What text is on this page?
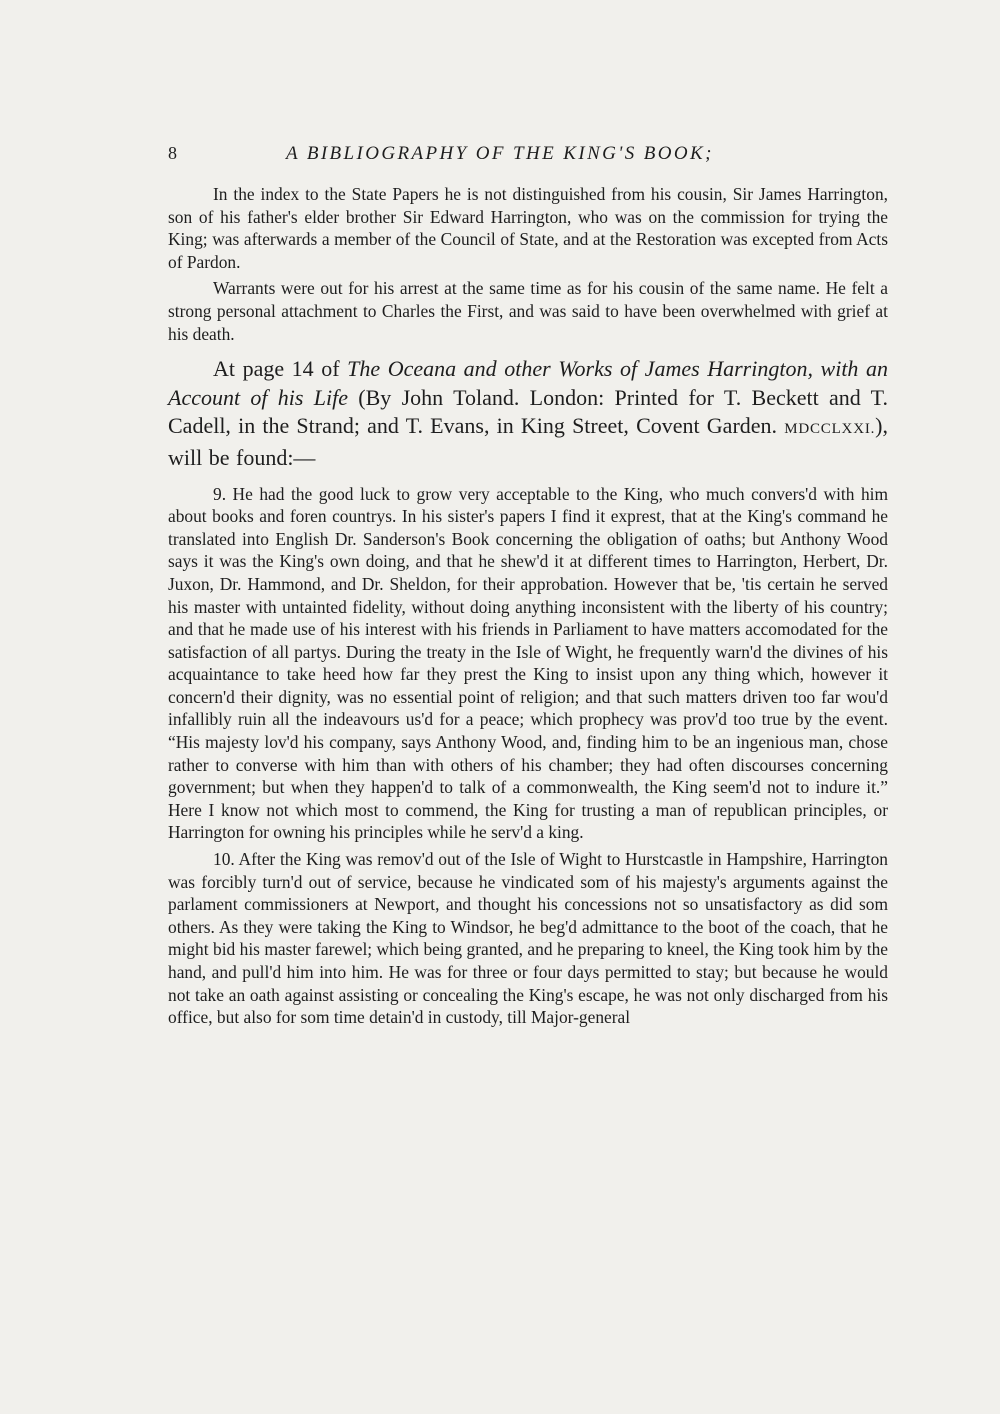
8	A BIBLIOGRAPHY OF THE KING'S BOOK;

In the index to the State Papers he is not distinguished from his cousin, Sir James Harrington, son of his father's elder brother Sir Edward Harrington, who was on the commission for trying the King; was afterwards a member of the Council of State, and at the Restoration was excepted from Acts of Pardon.

Warrants were out for his arrest at the same time as for his cousin of the same name. He felt a strong personal attachment to Charles the First, and was said to have been overwhelmed with grief at his death.

At page 14 of The Oceana and other Works of James Harrington, with an Account of his Life (By John Toland. London: Printed for T. Beckett and T. Cadell, in the Strand; and T. Evans, in King Street, Covent Garden. MDCCLXXI.), will be found:—

9. He had the good luck to grow very acceptable to the King, who much convers'd with him about books and foren countrys. In his sister's papers I find it exprest, that at the King's command he translated into English Dr. Sanderson's Book concerning the obligation of oaths; but Anthony Wood says it was the King's own doing, and that he shew'd it at different times to Harrington, Herbert, Dr. Juxon, Dr. Hammond, and Dr. Sheldon, for their approbation. However that be, 'tis certain he served his master with untainted fidelity, without doing anything inconsistent with the liberty of his country; and that he made use of his interest with his friends in Parliament to have matters accomodated for the satisfaction of all partys. During the treaty in the Isle of Wight, he frequently warn'd the divines of his acquaintance to take heed how far they prest the King to insist upon any thing which, however it concern'd their dignity, was no essential point of religion; and that such matters driven too far wou'd infallibly ruin all the indeavours us'd for a peace; which prophecy was prov'd too true by the event. “His majesty lov'd his company, says Anthony Wood, and, finding him to be an ingenious man, chose rather to converse with him than with others of his chamber; they had often discourses concerning government; but when they happen'd to talk of a commonwealth, the King seem'd not to indure it.” Here I know not which most to commend, the King for trusting a man of republican principles, or Harrington for owning his principles while he serv'd a king.

10. After the King was remov'd out of the Isle of Wight to Hurstcastle in Hampshire, Harrington was forcibly turn'd out of service, because he vindicated som of his majesty's arguments against the parlament commissioners at Newport, and thought his concessions not so unsatisfactory as did som others. As they were taking the King to Windsor, he beg'd admittance to the boot of the coach, that he might bid his master farewel; which being granted, and he preparing to kneel, the King took him by the hand, and pull'd him into him. He was for three or four days permitted to stay; but because he would not take an oath against assisting or concealing the King's escape, he was not only discharged from his office, but also for som time detain'd in custody, till Major-general
